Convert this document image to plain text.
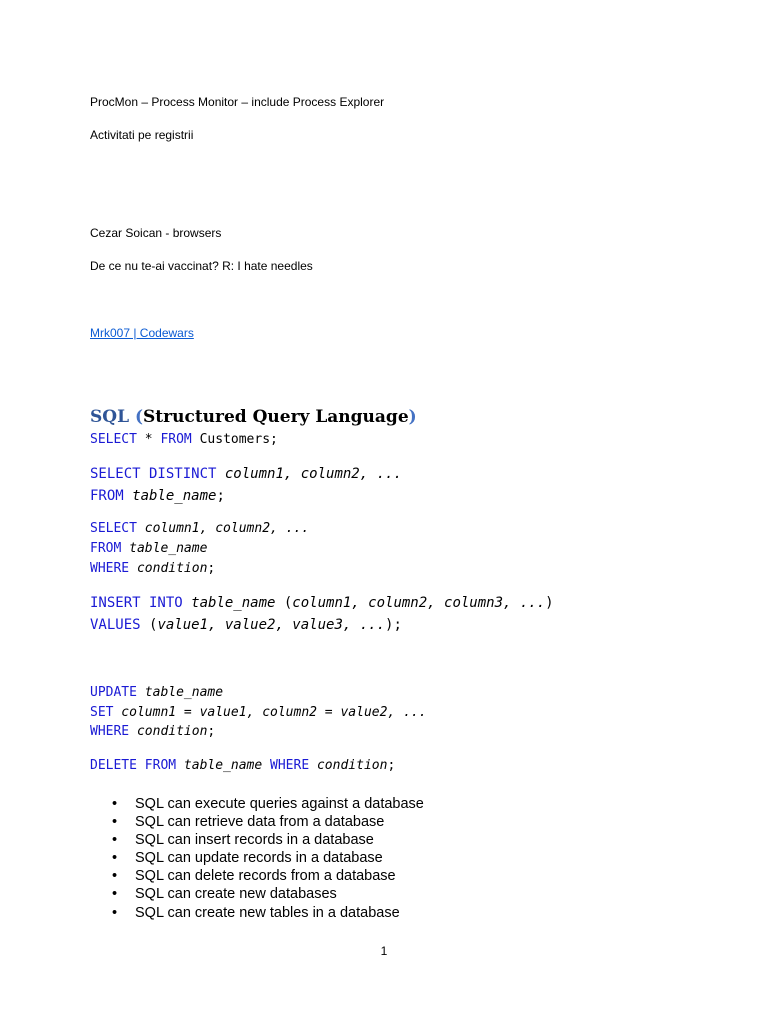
ProcMon – Process Monitor – include Process Explorer
Activitati pe registrii
Cezar Soican - browsers
De ce nu te-ai vaccinat? R: I hate needles
Mrk007 | Codewars
SQL (Structured Query Language)
SELECT * FROM Customers;
SELECT DISTINCT column1, column2, ...
FROM table_name;
SELECT column1, column2, ...
FROM table_name
WHERE condition;
INSERT INTO table_name (column1, column2, column3, ...)
VALUES (value1, value2, value3, ...);
UPDATE table_name
SET column1 = value1, column2 = value2, ...
WHERE condition;
DELETE FROM table_name WHERE condition;
• SQL can execute queries against a database
• SQL can retrieve data from a database
• SQL can insert records in a database
• SQL can update records in a database
• SQL can delete records from a database
• SQL can create new databases
• SQL can create new tables in a database
1
